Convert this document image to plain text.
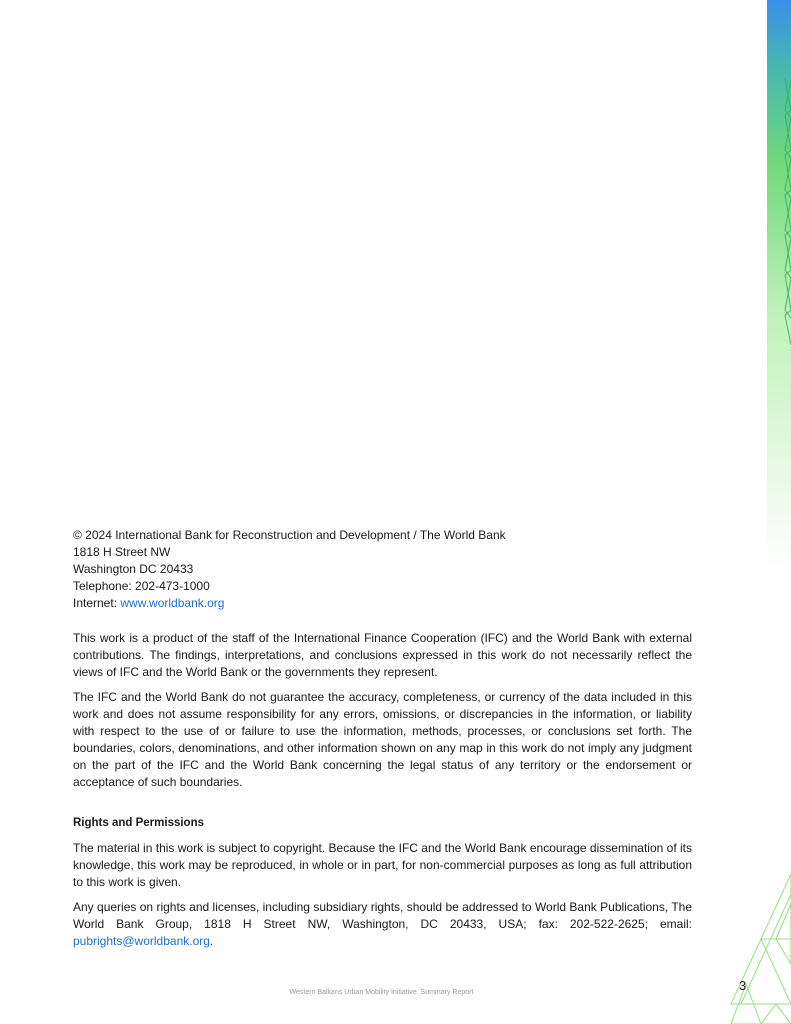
© 2024 International Bank for Reconstruction and Development / The World Bank
1818 H Street NW
Washington DC 20433
Telephone: 202-473-1000
Internet: www.worldbank.org

This work is a product of the staff of the International Finance Cooperation (IFC) and the World Bank with external contributions. The findings, interpretations, and conclusions expressed in this work do not necessarily reflect the views of IFC and the World Bank or the governments they represent.

The IFC and the World Bank do not guarantee the accuracy, completeness, or currency of the data included in this work and does not assume responsibility for any errors, omissions, or discrepancies in the information, or liability with respect to the use of or failure to use the information, methods, processes, or conclusions set forth. The boundaries, colors, denominations, and other information shown on any map in this work do not imply any judgment on the part of the IFC and the World Bank concerning the legal status of any territory or the endorsement or acceptance of such boundaries.

Rights and Permissions

The material in this work is subject to copyright. Because the IFC and the World Bank encourage dissemination of its knowledge, this work may be reproduced, in whole or in part, for non-commercial purposes as long as full attribution to this work is given.

Any queries on rights and licenses, including subsidiary rights, should be addressed to World Bank Publications, The World Bank Group, 1818 H Street NW, Washington, DC 20433, USA; fax: 202-522-2625; email: pubrights@worldbank.org.

Western Balkans Urban Mobility Initiative. Summary Report	3
